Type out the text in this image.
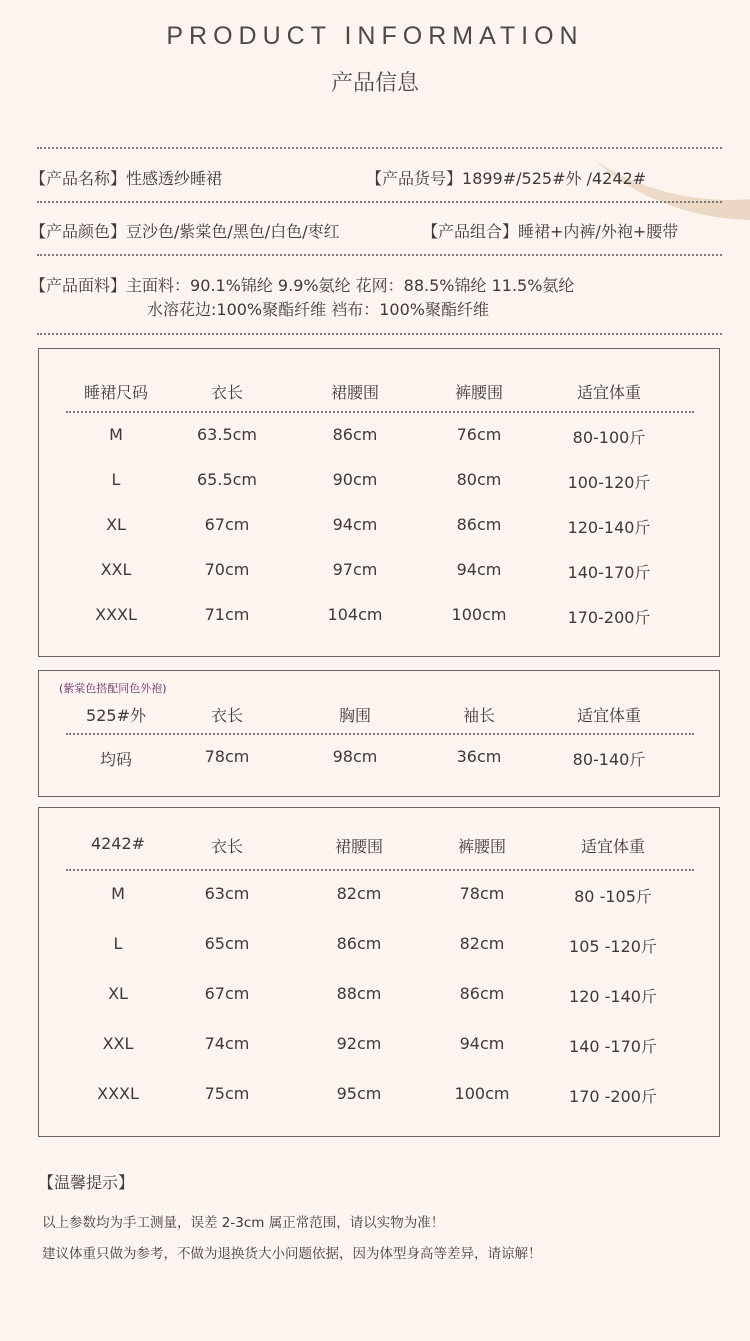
PRODUCT INFORMATION
产品信息
【产品名称】性感透纱睡裙	【产品货号】1899#/525#外 /4242#
【产品颜色】豆沙色/紫棠色/黑色/白色/枣红	【产品组合】睡裙+内裤/外袍+腰带
【产品面料】主面料：90.1%锦纶 9.9%氨纶 花网：88.5%锦纶 11.5%氨纶
水溶花边:100%聚酯纤维 裆布：100%聚酯纤维
睡裙尺码	衣长	裙腰围	裤腰围	适宜体重
M	63.5cm	86cm	76cm	80-100斤
L	65.5cm	90cm	80cm	100-120斤
XL	67cm	94cm	86cm	120-140斤
XXL	70cm	97cm	94cm	140-170斤
XXXL	71cm	104cm	100cm	170-200斤
(紫棠色搭配同色外袍)
525#外	衣长	胸围	袖长	适宜体重
均码	78cm	98cm	36cm	80-140斤
4242#	衣长	裙腰围	裤腰围	适宜体重
M	63cm	82cm	78cm	80 -105斤
L	65cm	86cm	82cm	105 -120斤
XL	67cm	88cm	86cm	120 -140斤
XXL	74cm	92cm	94cm	140 -170斤
XXXL	75cm	95cm	100cm	170 -200斤
【温馨提示】
以上参数均为手工测量，误差 2-3cm 属正常范围，请以实物为准！
建议体重只做为参考，不做为退换货大小问题依据，因为体型身高等差异，请谅解！
